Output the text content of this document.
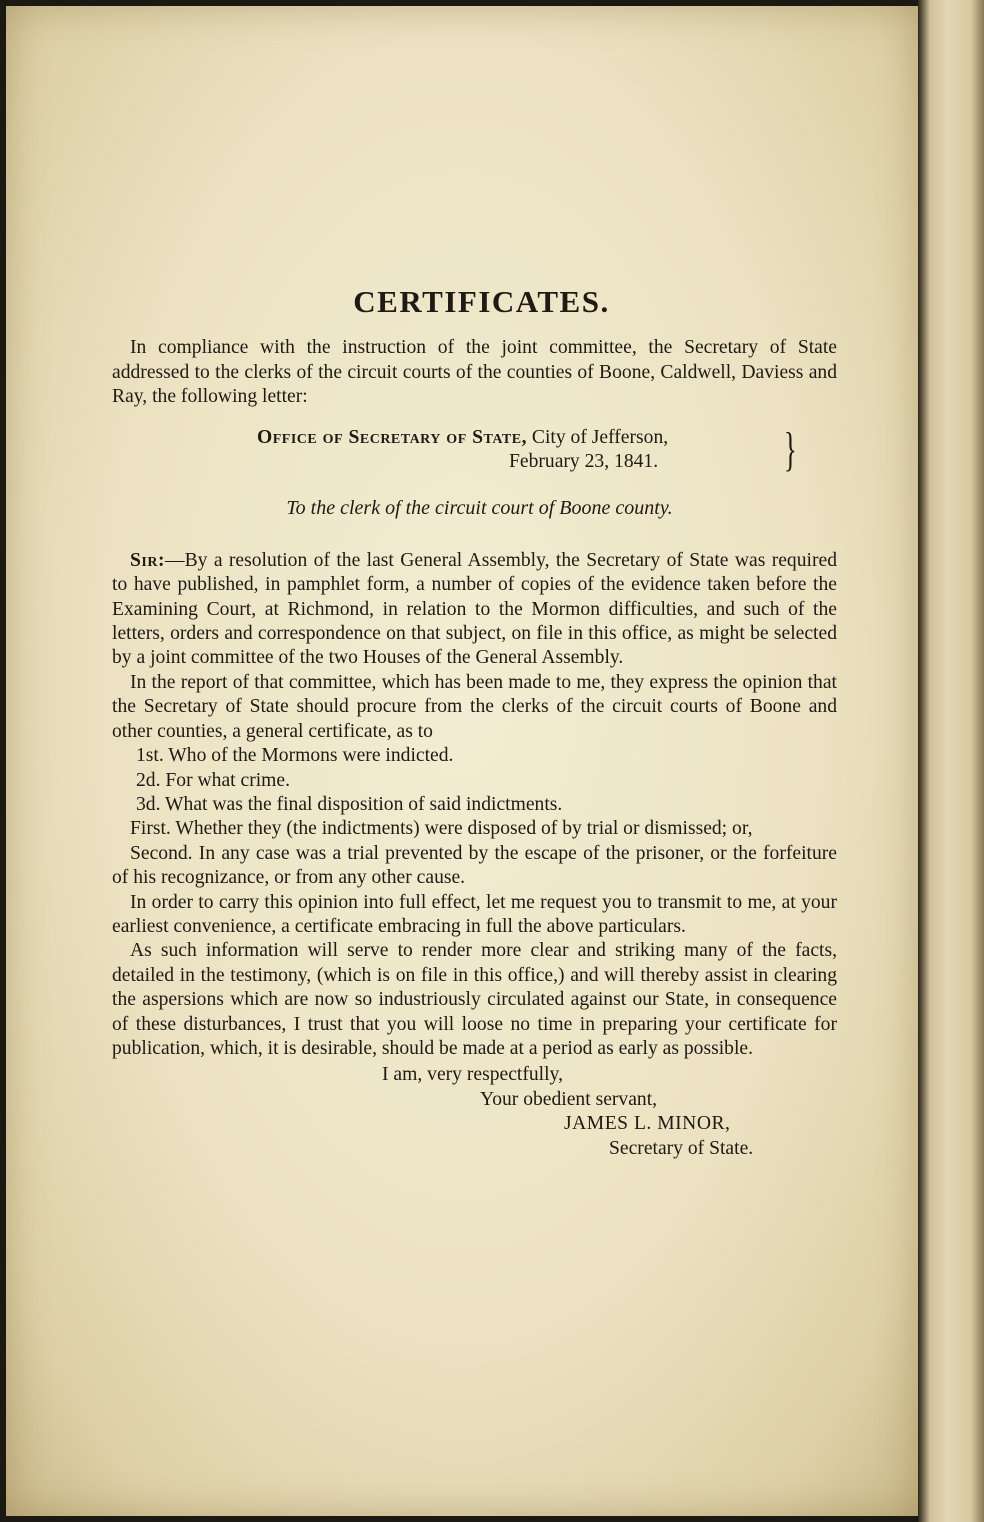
CERTIFICATES.

In compliance with the instruction of the joint committee, the Secretary of State addressed to the clerks of the circuit courts of the counties of Boone, Caldwell, Daviess and Ray, the following letter:

Office of Secretary of State, City of Jefferson,
February 23, 1841.	}
To the clerk of the circuit court of Boone county.

Sir:—By a resolution of the last General Assembly, the Secretary of State was required to have published, in pamphlet form, a number of copies of the evidence taken before the Examining Court, at Richmond, in relation to the Mormon difficulties, and such of the letters, orders and correspondence on that subject, on file in this office, as might be selected by a joint committee of the two Houses of the General Assembly.

In the report of that committee, which has been made to me, they express the opinion that the Secretary of State should procure from the clerks of the circuit courts of Boone and other counties, a general certificate, as to

1st. Who of the Mormons were indicted.

2d. For what crime.

3d. What was the final disposition of said indictments.

First. Whether they (the indictments) were disposed of by trial or dismissed; or,

Second. In any case was a trial prevented by the escape of the prisoner, or the forfeiture of his recognizance, or from any other cause.

In order to carry this opinion into full effect, let me request you to transmit to me, at your earliest convenience, a certificate embracing in full the above particulars.

As such information will serve to render more clear and striking many of the facts, detailed in the testimony, (which is on file in this office,) and will thereby assist in clearing the aspersions which are now so industriously circulated against our State, in consequence of these disturbances, I trust that you will loose no time in preparing your certificate for publication, which, it is desirable, should be made at a period as early as possible.

I am, very respectfully,
Your obedient servant,
JAMES L. MINOR,
Secretary of State.
